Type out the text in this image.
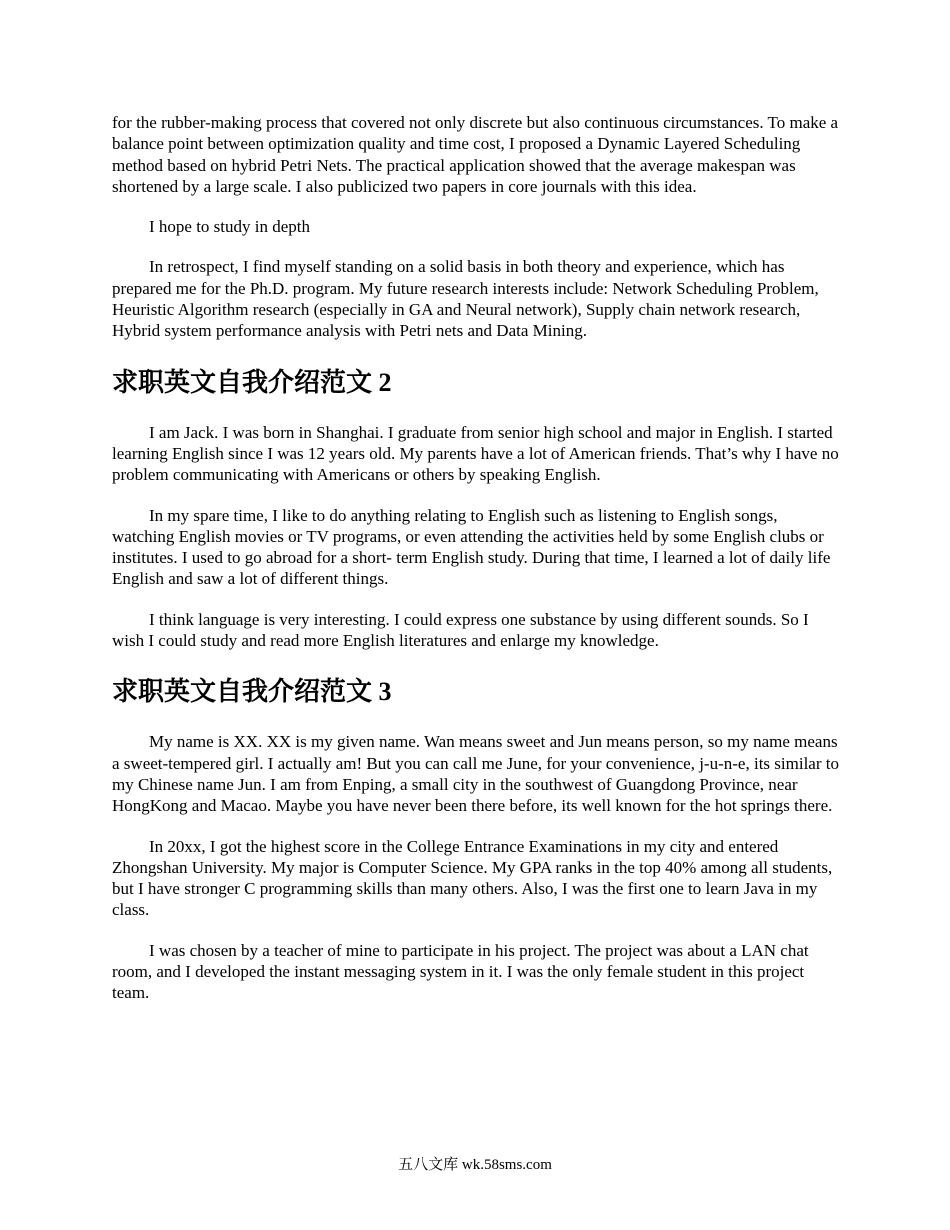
for the rubber-making process that covered not only discrete but also continuous circumstances. To make a balance point between optimization quality and time cost, I proposed a Dynamic Layered Scheduling method based on hybrid Petri Nets. The practical application showed that the average makespan was shortened by a large scale. I also publicized two papers in core journals with this idea.

I hope to study in depth

In retrospect, I find myself standing on a solid basis in both theory and experience, which has prepared me for the Ph.D. program. My future research interests include: Network Scheduling Problem, Heuristic Algorithm research (especially in GA and Neural network), Supply chain network research, Hybrid system performance analysis with Petri nets and Data Mining.

求职英文自我介绍范文 2

I am Jack. I was born in Shanghai. I graduate from senior high school and major in English. I started learning English since I was 12 years old. My parents have a lot of American friends. That’s why I have no problem communicating with Americans or others by speaking English.

In my spare time, I like to do anything relating to English such as listening to English songs, watching English movies or TV programs, or even attending the activities held by some English clubs or institutes. I used to go abroad for a short- term English study. During that time, I learned a lot of daily life English and saw a lot of different things.

I think language is very interesting. I could express one substance by using different sounds. So I wish I could study and read more English literatures and enlarge my knowledge.

求职英文自我介绍范文 3

My name is XX. XX is my given name. Wan means sweet and Jun means person, so my name means a sweet-tempered girl. I actually am! But you can call me June, for your convenience, j-u-n-e, its similar to my Chinese name Jun. I am from Enping, a small city in the southwest of Guangdong Province, near HongKong and Macao. Maybe you have never been there before, its well known for the hot springs there.

In 20xx, I got the highest score in the College Entrance Examinations in my city and entered Zhongshan University. My major is Computer Science. My GPA ranks in the top 40% among all students, but I have stronger C programming skills than many others. Also, I was the first one to learn Java in my class.

I was chosen by a teacher of mine to participate in his project. The project was about a LAN chat room, and I developed the instant messaging system in it. I was the only female student in this project team.

五八文库 wk.58sms.com
